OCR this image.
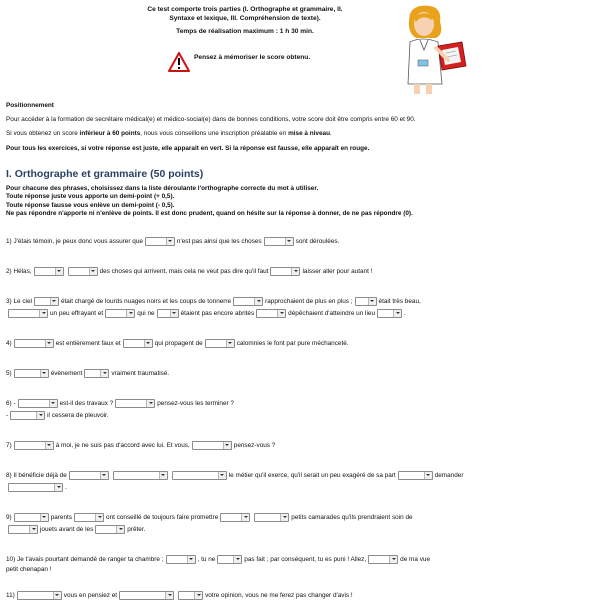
Ce test comporte trois parties (I. Orthographe et grammaire, II.
Syntaxe et lexique, III. Compréhension de texte).

Temps de réalisation maximum : 1 h 30 min.

Pensez à mémoriser le score obtenu.
Positionnement
Pour accéder à la formation de secrétaire médical(e) et médico-social(e) dans de bonnes conditions, votre score doit être compris entre 60 et 90.
Si vous obtenez un score inférieur à 60 points, nous vous conseillons une inscription préalable en mise à niveau.
Pour tous les exercices, si votre réponse est juste, elle apparaît en vert. Si la réponse est fausse, elle apparaît en rouge.
I. Orthographe et grammaire (50 points)
Pour chacune des phrases, choisissez dans la liste déroulante l'orthographe correcte du mot à utiliser.
Toute réponse juste vous apporte un demi-point (+ 0,5).
Toute réponse fausse vous enlève un demi-point (- 0,5).
Ne pas répondre n'apporte ni n'enlève de points. Il est donc prudent, quand on hésite sur la réponse à donner, de ne pas répondre (0).
1) J'étais témoin, je peux donc vous assurer que	n'est pas ainsi que les choses	sont déroulées.
2) Hélas,	des choses qui arrivent, mais cela ne veut pas dire qu'il faut	laisser aller pour autant !
3) Le ciel	était chargé de lourds nuages noirs et les coups de tonnerre	rapprochaient de plus en plus ;	était très beau,
un peu effrayant et	qui ne	étaient pas encore abrités	dépêchaient d'atteindre un lieu	.
4)	est entièrement faux et	qui propagent de	calomnies le font par pure méchanceté.
5)	évènement	vraiment traumatisé.
6) -	est-il des travaux ?	pensez-vous les terminer ?
-	il cessera de pleuvoir.
7)	à moi, je ne suis pas d'accord avec lui. Et vous,	pensez-vous ?
8) Il bénéficie déjà de	le métier qu'il exerce, qu'il serait un peu exagéré de sa part	demander
.
9)	parents	ont conseillé de toujours faire promettre	petits camarades qu'ils prendraient soin de
jouets avant de les	prêter.
10) Je t'avais pourtant demandé de ranger ta chambre ;	, tu ne	pas fait ; par conséquent, tu es puni ! Allez,	de ma vue
petit chenapan !
11)	vous en pensiez et	votre opinion, vous ne me ferez pas changer d'avis !
